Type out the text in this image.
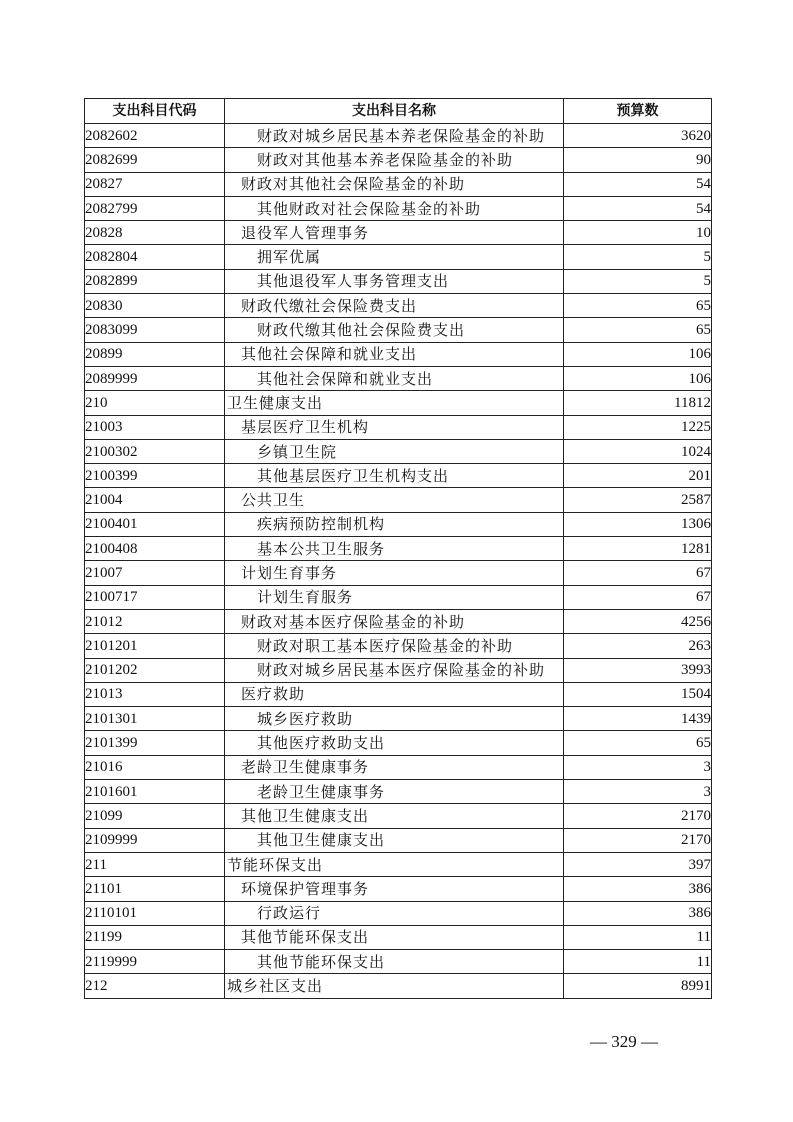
支出科目代码	支出科目名称	预算数
2082602	财政对城乡居民基本养老保险基金的补助	3620
2082699	财政对其他基本养老保险基金的补助	90
20827	财政对其他社会保险基金的补助	54
2082799	其他财政对社会保险基金的补助	54
20828	退役军人管理事务	10
2082804	拥军优属	5
2082899	其他退役军人事务管理支出	5
20830	财政代缴社会保险费支出	65
2083099	财政代缴其他社会保险费支出	65
20899	其他社会保障和就业支出	106
2089999	其他社会保障和就业支出	106
210	卫生健康支出	11812
21003	基层医疗卫生机构	1225
2100302	乡镇卫生院	1024
2100399	其他基层医疗卫生机构支出	201
21004	公共卫生	2587
2100401	疾病预防控制机构	1306
2100408	基本公共卫生服务	1281
21007	计划生育事务	67
2100717	计划生育服务	67
21012	财政对基本医疗保险基金的补助	4256
2101201	财政对职工基本医疗保险基金的补助	263
2101202	财政对城乡居民基本医疗保险基金的补助	3993
21013	医疗救助	1504
2101301	城乡医疗救助	1439
2101399	其他医疗救助支出	65
21016	老龄卫生健康事务	3
2101601	老龄卫生健康事务	3
21099	其他卫生健康支出	2170
2109999	其他卫生健康支出	2170
211	节能环保支出	397
21101	环境保护管理事务	386
2110101	行政运行	386
21199	其他节能环保支出	11
2119999	其他节能环保支出	11
212	城乡社区支出	8991
— 329 —
